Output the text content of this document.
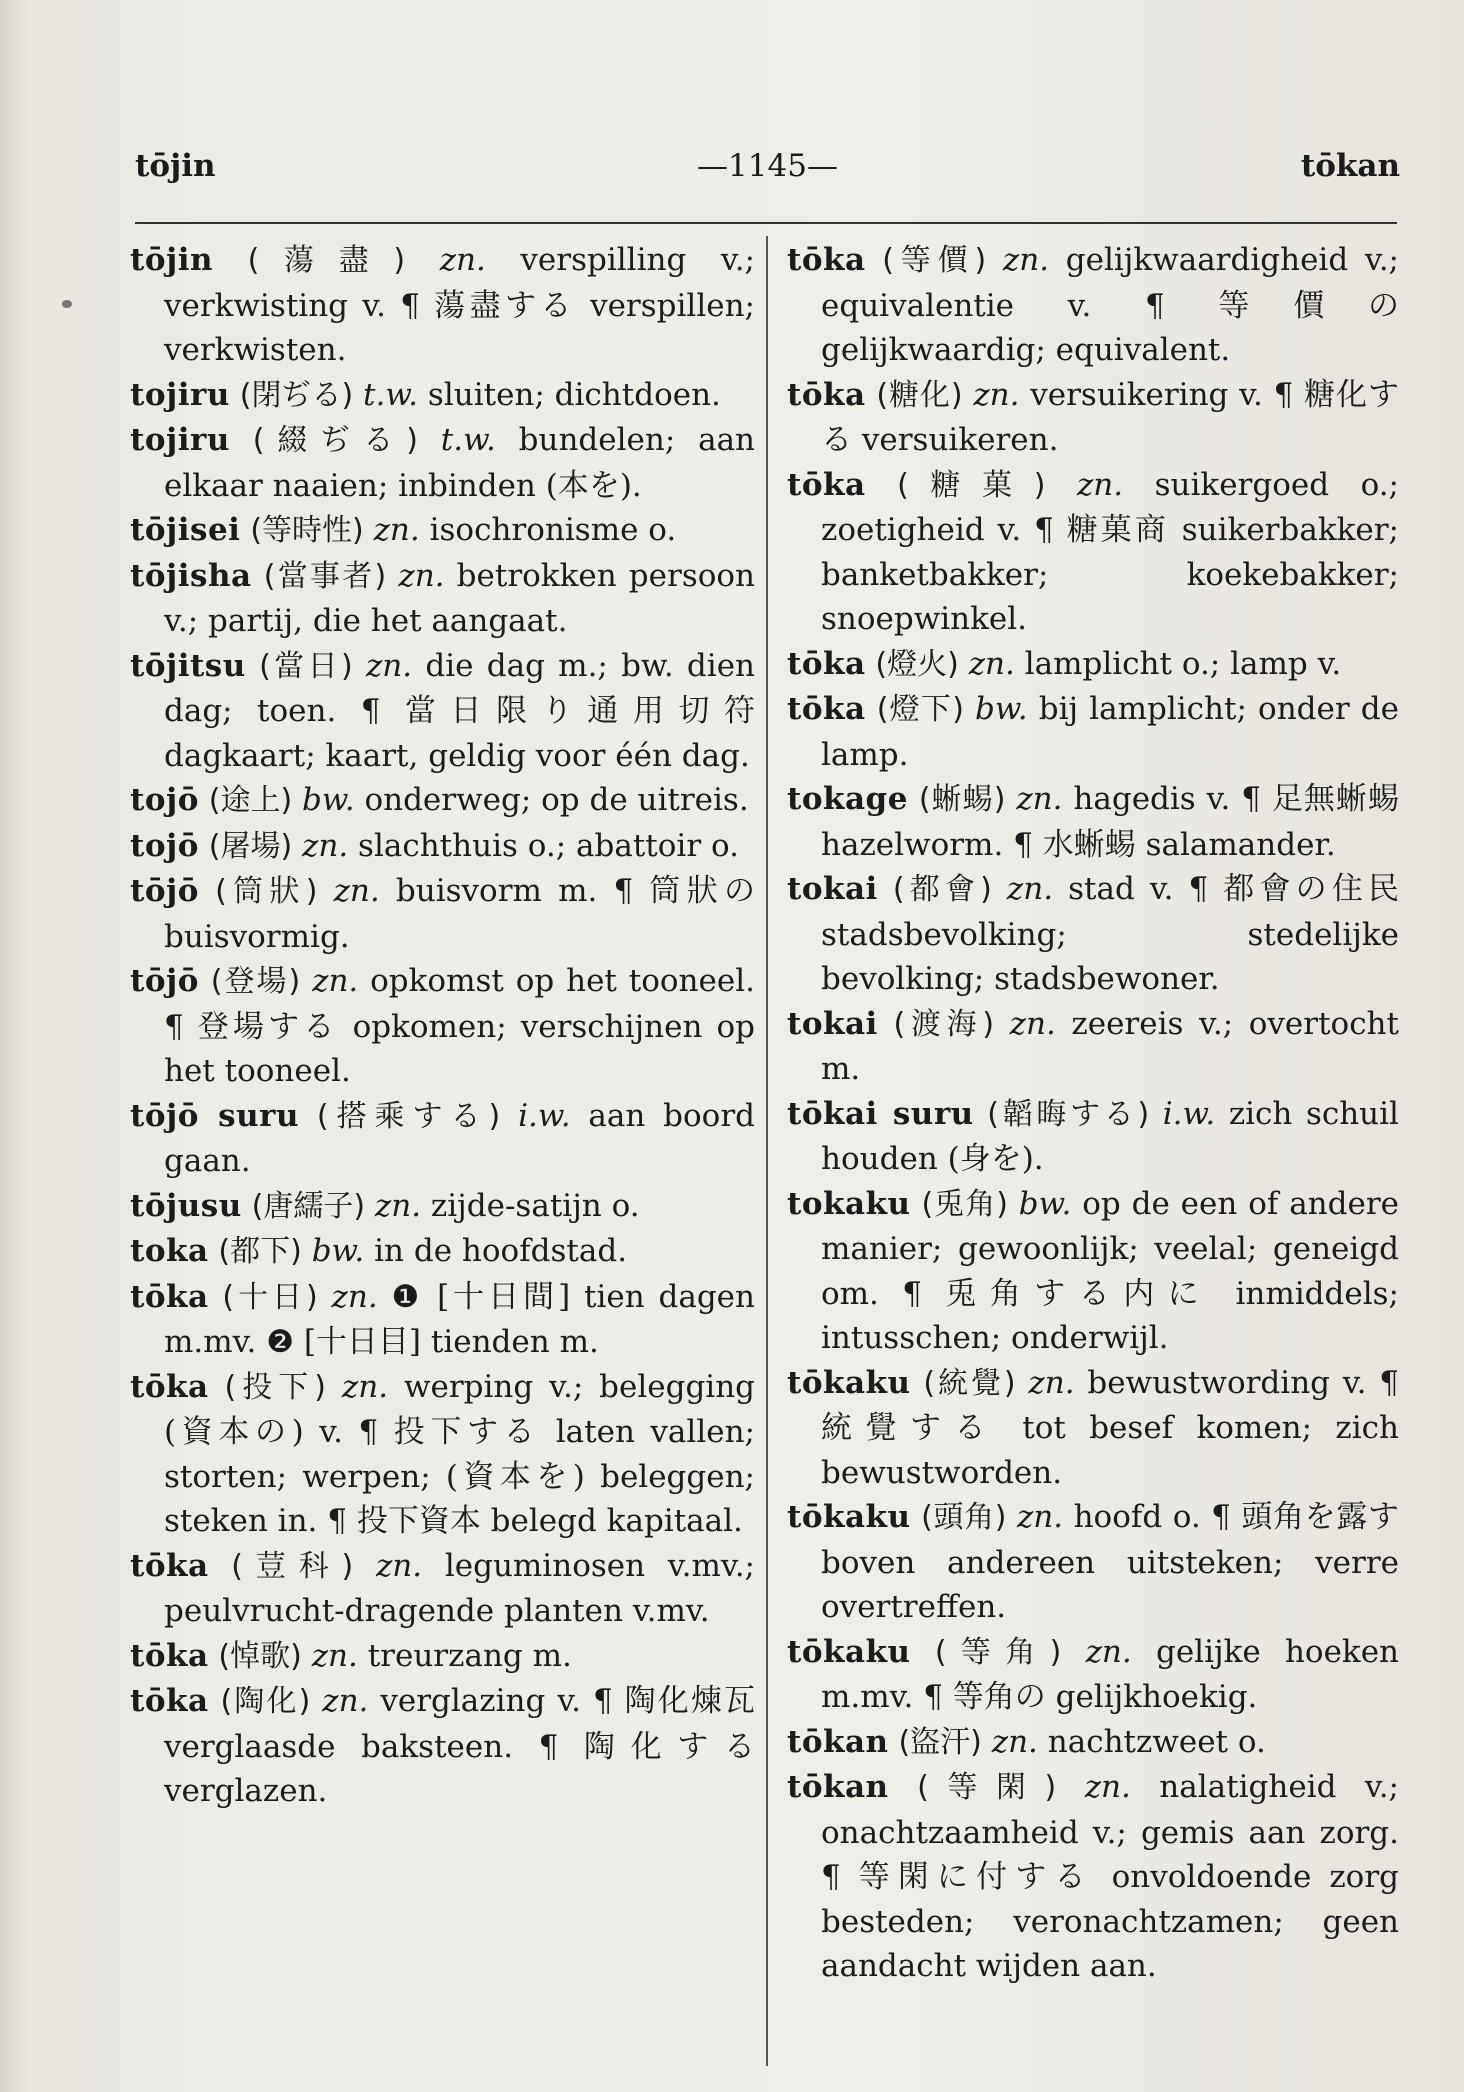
tōjin	—1145—	tōkan

tōjin (蕩盡) zn. verspilling v.; verkwisting v. ¶ 蕩盡する verspillen; verkwisten.

tojiru (閉ぢる) t.w. sluiten; dichtdoen.

tojiru (綴ぢる) t.w. bundelen; aan elkaar naaien; inbinden (本を).

tōjisei (等時性) zn. isochronisme o.

tōjisha (當事者) zn. betrokken persoon v.; partij, die het aangaat.

tōjitsu (當日) zn. die dag m.; bw. dien dag; toen. ¶ 當日限り通用切符 dagkaart; kaart, geldig voor één dag.

tojō (途上) bw. onderweg; op de uitreis.

tojō (屠場) zn. slachthuis o.; abattoir o.

tōjō (筒狀) zn. buisvorm m. ¶ 筒狀の buisvormig.

tōjō (登場) zn. opkomst op het tooneel. ¶ 登場する opkomen; verschijnen op het tooneel.

tōjō suru (搭乘する) i.w. aan boord gaan.

tōjusu (唐繻子) zn. zijde-satijn o.

toka (都下) bw. in de hoofdstad.

tōka (十日) zn. ❶ [十日間] tien dagen m.mv. ❷ [十日目] tienden m.

tōka (投下) zn. werping v.; belegging (資本の) v. ¶ 投下する laten vallen; storten; werpen; (資本を) beleggen; steken in. ¶ 投下資本 belegd kapitaal.

tōka (荳科) zn. leguminosen v.mv.; peulvrucht-dragende planten v.mv.

tōka (悼歌) zn. treurzang m.

tōka (陶化) zn. verglazing v. ¶ 陶化煉瓦 verglaasde baksteen. ¶ 陶化する verglazen.

tōka (等價) zn. gelijkwaardigheid v.; equivalentie v. ¶ 等價の gelijkwaardig; equivalent.

tōka (糖化) zn. versuikering v. ¶ 糖化する versuikeren.

tōka (糖菓) zn. suikergoed o.; zoetigheid v. ¶ 糖菓商 suikerbakker; banketbakker; koekebakker; snoepwinkel.

tōka (燈火) zn. lamplicht o.; lamp v.

tōka (燈下) bw. bij lamplicht; onder de lamp.

tokage (蜥蜴) zn. hagedis v. ¶ 足無蜥蜴 hazelworm. ¶ 水蜥蜴 salamander.

tokai (都會) zn. stad v. ¶ 都會の住民 stadsbevolking; stedelijke bevolking; stadsbewoner.

tokai (渡海) zn. zeereis v.; overtocht m.

tōkai suru (韜晦する) i.w. zich schuil houden (身を).

tokaku (兎角) bw. op de een of andere manier; gewoonlijk; veelal; geneigd om. ¶ 兎角する内に inmiddels; intusschen; onderwijl.

tōkaku (統覺) zn. bewustwording v. ¶ 統覺する tot besef komen; zich bewustworden.

tōkaku (頭角) zn. hoofd o. ¶ 頭角を露す boven andereen uitsteken; verre overtreffen.

tōkaku (等角) zn. gelijke hoeken m.mv. ¶ 等角の gelijkhoekig.

tōkan (盜汗) zn. nachtzweet o.

tōkan (等閑) zn. nalatigheid v.; onachtzaamheid v.; gemis aan zorg. ¶ 等閑に付する onvoldoende zorg besteden; veronachtzamen; geen aandacht wijden aan.
